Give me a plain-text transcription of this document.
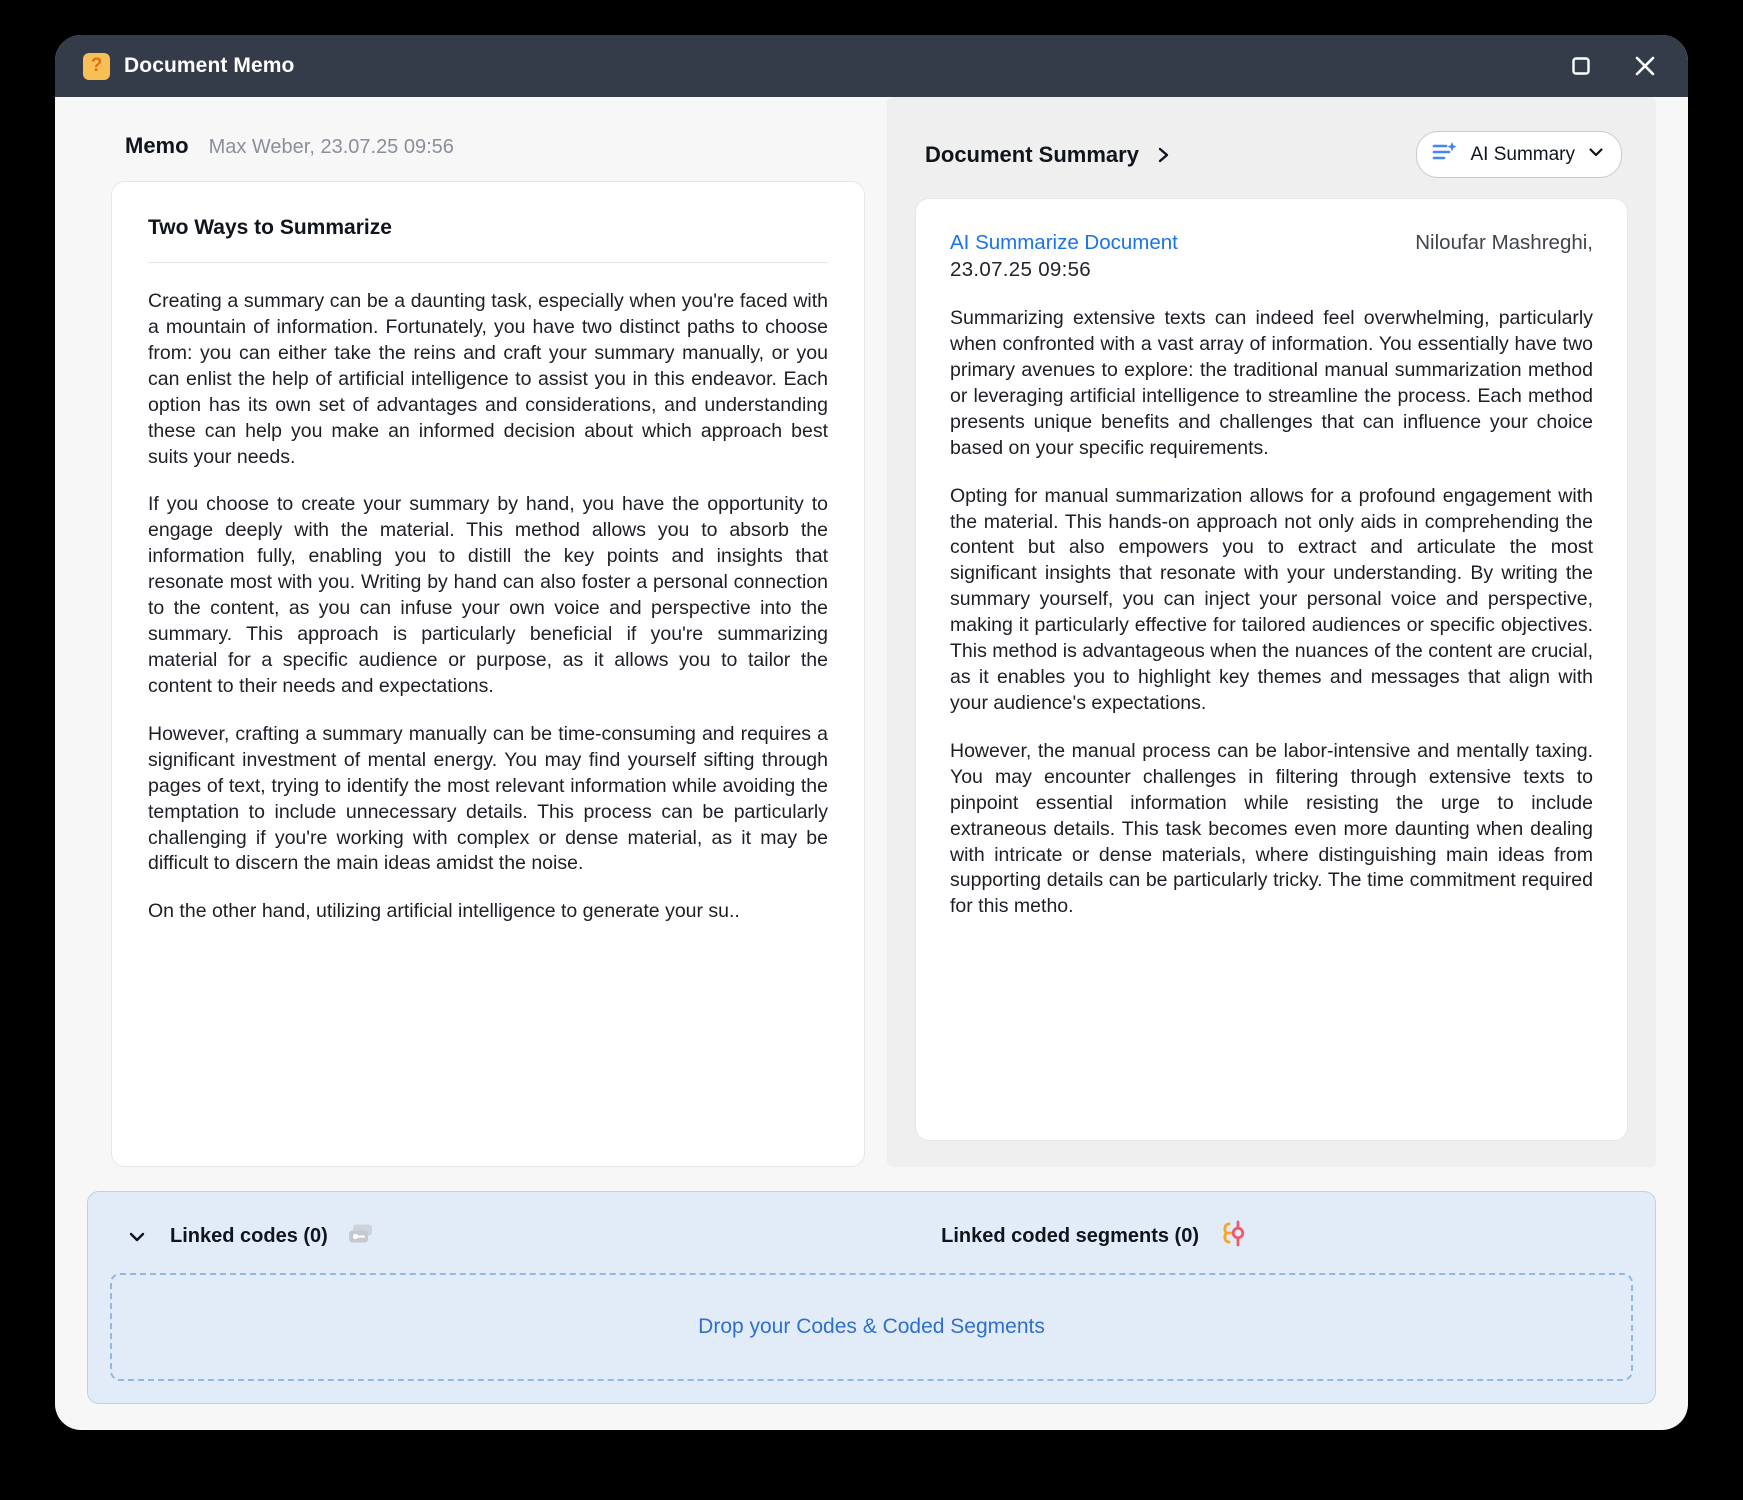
?
Document Memo
Memo Max Weber, 23.07.25 09:56
Two Ways to Summarize

Creating a summary can be a daunting task, especially when you're faced with a mountain of information. Fortunately, you have two distinct paths to choose from: you can either take the reins and craft your summary manually, or you can enlist the help of artificial intelligence to assist you in this endeavor. Each option has its own set of advantages and considerations, and understanding these can help you make an informed decision about which approach best suits your needs.

If you choose to create your summary by hand, you have the opportunity to engage deeply with the material. This method allows you to absorb the information fully, enabling you to distill the key points and insights that resonate most with you. Writing by hand can also foster a personal connection to the content, as you can infuse your own voice and perspective into the summary. This approach is particularly beneficial if you're summarizing material for a specific audience or purpose, as it allows you to tailor the content to their needs and expectations.

However, crafting a summary manually can be time-consuming and requires a significant investment of mental energy. You may find yourself sifting through pages of text, trying to identify the most relevant information while avoiding the temptation to include unnecessary details. This process can be particularly challenging if you're working with complex or dense material, as it may be difficult to discern the main ideas amidst the noise.

On the other hand, utilizing artificial intelligence to generate your su..

Document Summary	AI Summary
AI Summarize Document	Niloufar Mashreghi,
23.07.25 09:56

Summarizing extensive texts can indeed feel overwhelming, particularly when confronted with a vast array of information. You essentially have two primary avenues to explore: the traditional manual summarization method or leveraging artificial intelligence to streamline the process. Each method presents unique benefits and challenges that can influence your choice based on your specific requirements.

Opting for manual summarization allows for a profound engagement with the material. This hands-on approach not only aids in comprehending the content but also empowers you to extract and articulate the most significant insights that resonate with your understanding. By writing the summary yourself, you can inject your personal voice and perspective, making it particularly effective for tailored audiences or specific objectives. This method is advantageous when the nuances of the content are crucial, as it enables you to highlight key themes and messages that align with your audience's expectations.

However, the manual process can be labor-intensive and mentally taxing. You may encounter challenges in filtering through extensive texts to pinpoint essential information while resisting the urge to include extraneous details. This task becomes even more daunting when dealing with intricate or dense materials, where distinguishing main ideas from supporting details can be particularly tricky. The time commitment required for this metho.

Linked codes (0)	Linked coded segments (0)
Drop your Codes & Coded Segments
